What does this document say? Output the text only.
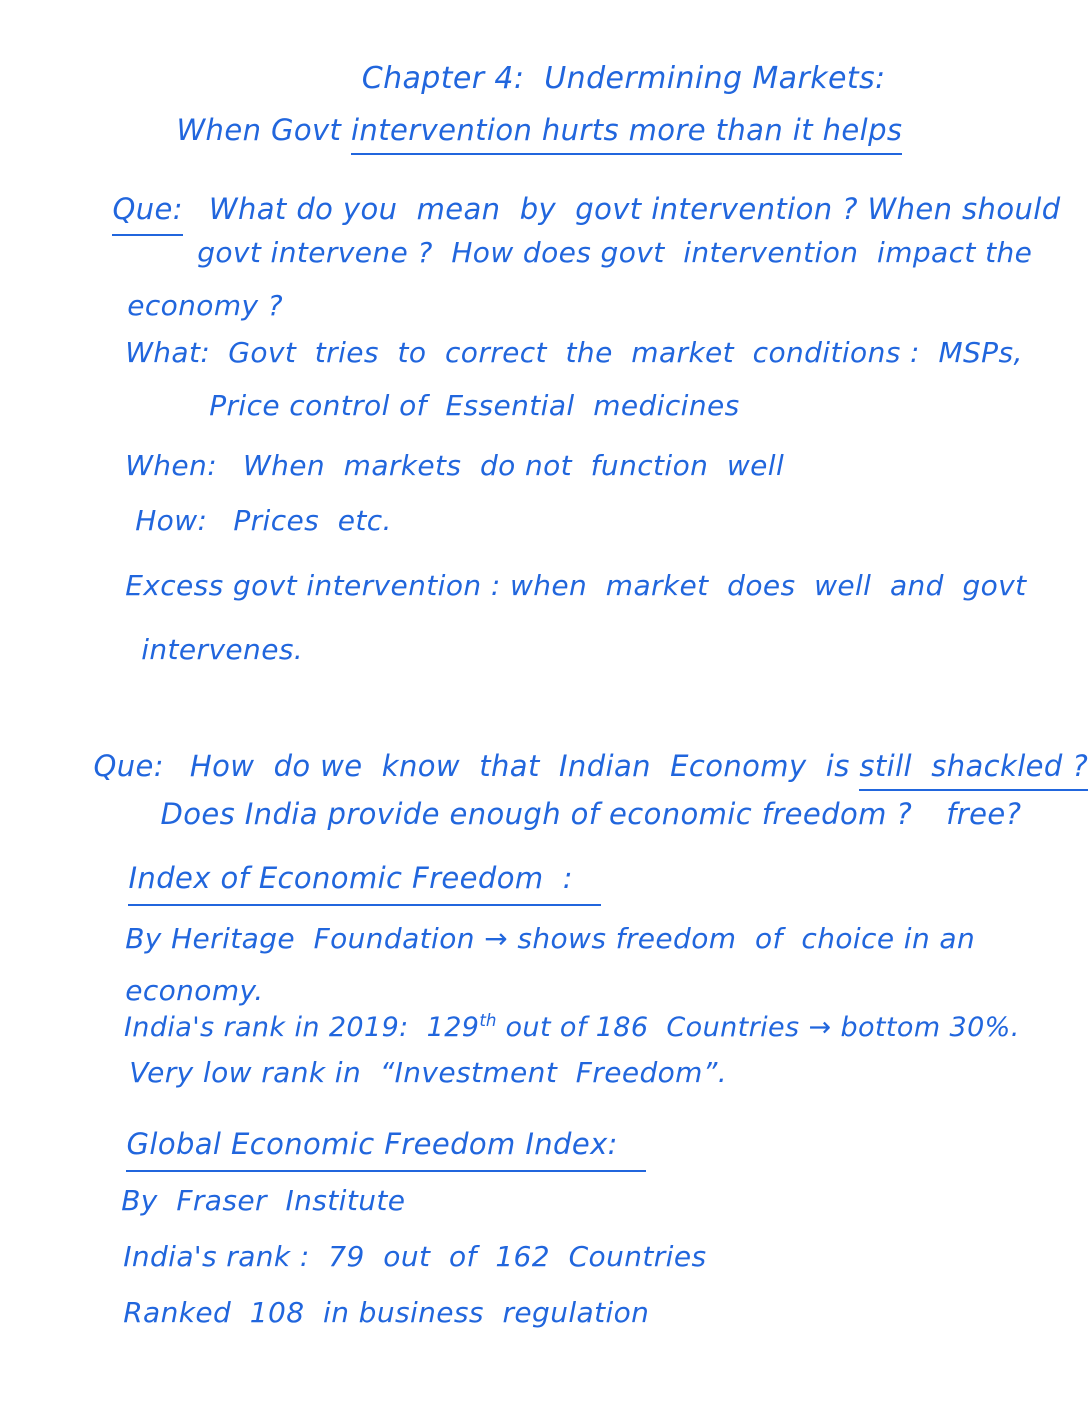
Chapter 4:  Undermining Markets:

When Govt intervention hurts more than it helps

Que: What do you  mean  by  govt intervention ? When should

govt intervene ?  How does govt  intervention  impact the

economy ?

What: Govt  tries  to  correct  the  market  conditions :  MSPs,

Price control of  Essential  medicines

When: When  markets  do not  function  well

How: Prices  etc.

Excess govt intervention : when  market  does  well  and  govt

intervenes.

Que: How  do we  know  that  Indian  Economy  is still  shackled ?

Does India provide enough of economic freedom ? free?

Index of Economic Freedom  :

By Heritage  Foundation → shows freedom  of  choice in an

economy.

India's rank in 2019:  129th out of 186  Countries → bottom 30%.

Very low rank in  “Investment  Freedom”.

Global Economic Freedom Index:

By  Fraser  Institute

India's rank :  79  out  of  162  Countries

Ranked  108  in business  regulation
